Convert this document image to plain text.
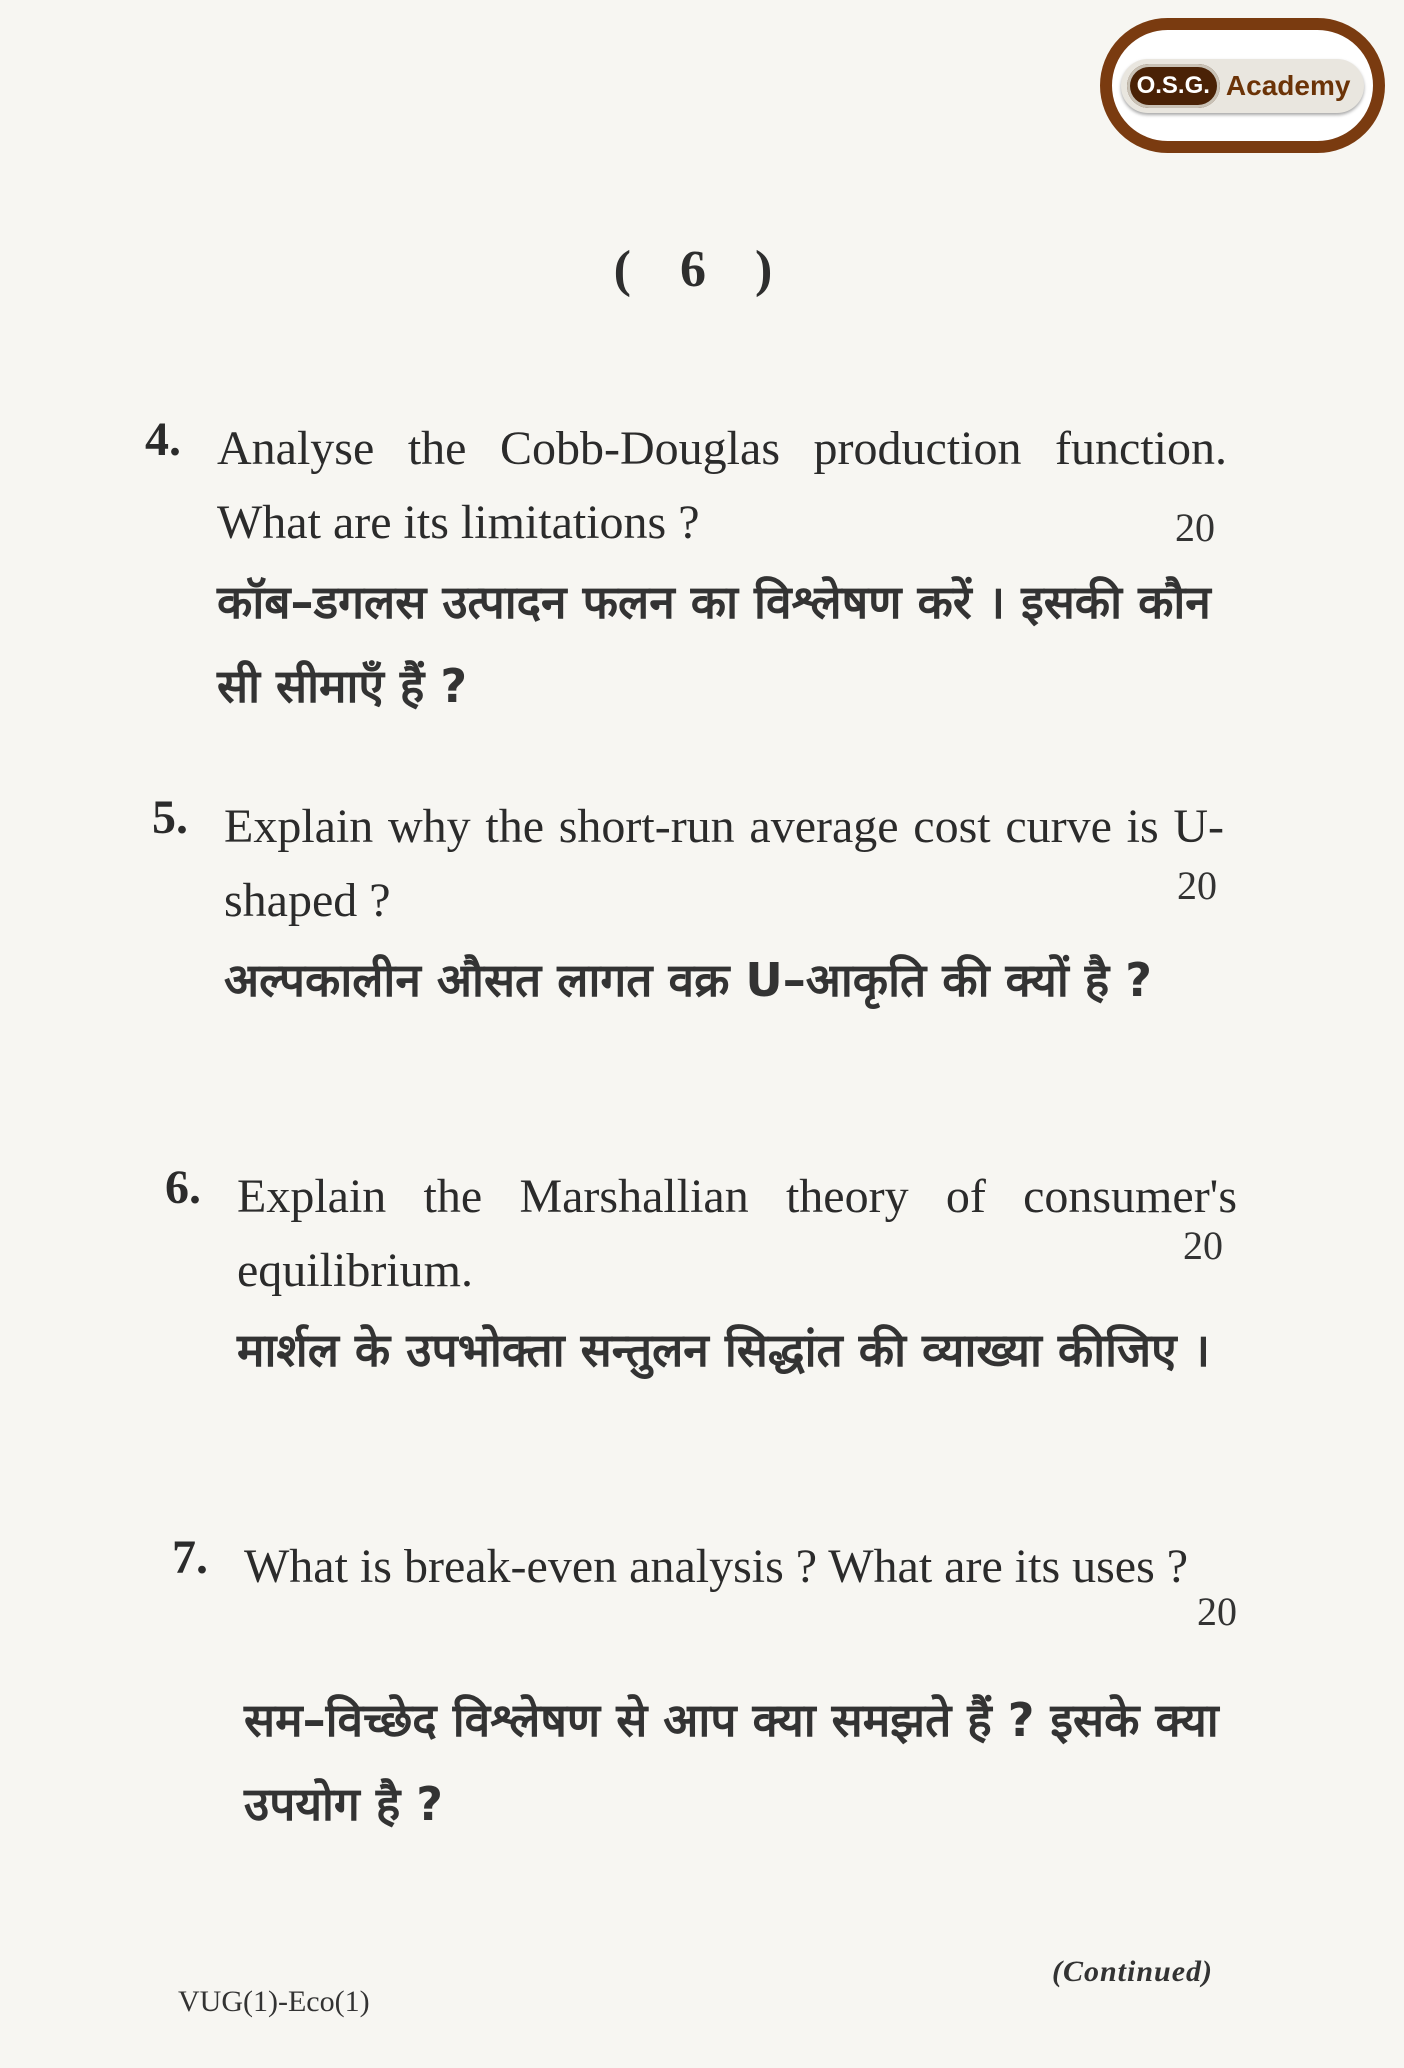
O.S.G. Academy
( 6 )
4. Analyse the Cobb-Douglas production function. What are its limitations ?
कॉब–डगलस उत्पादन फलन का विश्लेषण करें । इसकी कौन सी सीमाएँ हैं ?
20
5. Explain why the short-run average cost curve is U-shaped ?
अल्पकालीन औसत लागत वक्र U–आकृति की क्यों है ?
20
6. Explain the Marshallian theory of consumer's equilibrium.
मार्शल के उपभोक्ता सन्तुलन सिद्धांत की व्याख्या कीजिए ।
20
7. What is break-even analysis ? What are its uses ?
सम–विच्छेद विश्लेषण से आप क्या समझते हैं ? इसके क्या उपयोग है ?
20
VUG(1)-Eco(1)
(Continued)
